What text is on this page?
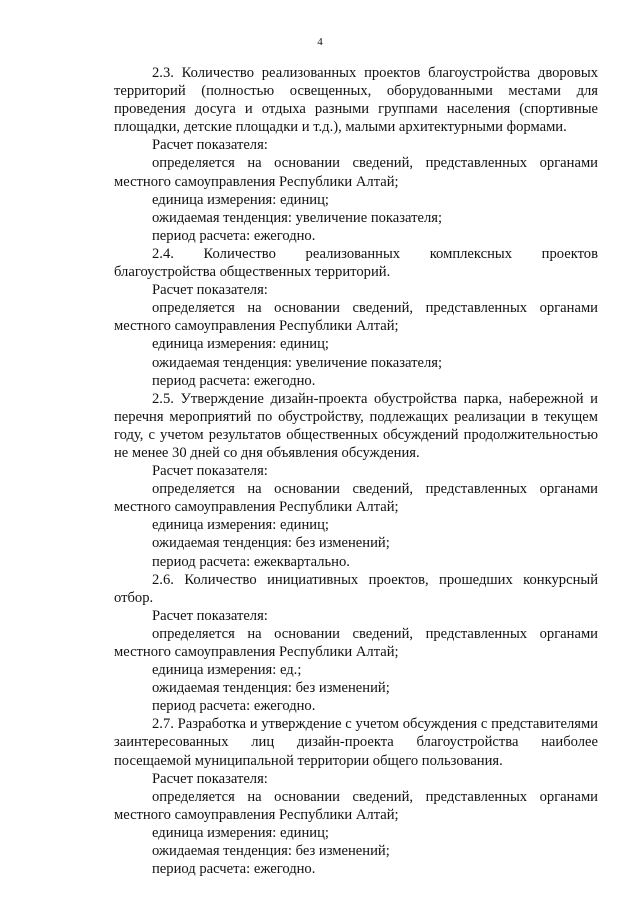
4

2.3. Количество реализованных проектов благоустройства дворовых территорий (полностью освещенных, оборудованными местами для проведения досуга и отдыха разными группами населения (спортивные площадки, детские площадки и т.д.), малыми архитектурными формами.

Расчет показателя:

определяется на основании сведений, представленных органами местного самоуправления Республики Алтай;

единица измерения: единиц;

ожидаемая тенденция: увеличение показателя;

период расчета: ежегодно.

2.4. Количество реализованных комплексных проектов благоустройства общественных территорий.

Расчет показателя:

определяется на основании сведений, представленных органами местного самоуправления Республики Алтай;

единица измерения: единиц;

ожидаемая тенденция: увеличение показателя;

период расчета: ежегодно.

2.5. Утверждение дизайн-проекта обустройства парка, набережной и перечня мероприятий по обустройству, подлежащих реализации в текущем году, с учетом результатов общественных обсуждений продолжительностью не менее 30 дней со дня объявления обсуждения.

Расчет показателя:

определяется на основании сведений, представленных органами местного самоуправления Республики Алтай;

единица измерения: единиц;

ожидаемая тенденция: без изменений;

период расчета: ежеквартально.

2.6. Количество инициативных проектов, прошедших конкурсный отбор.

Расчет показателя:

определяется на основании сведений, представленных органами местного самоуправления Республики Алтай;

единица измерения: ед.;

ожидаемая тенденция: без изменений;

период расчета: ежегодно.

2.7. Разработка и утверждение с учетом обсуждения с представителями заинтересованных лиц дизайн-проекта благоустройства наиболее посещаемой муниципальной территории общего пользования.

Расчет показателя:

определяется на основании сведений, представленных органами местного самоуправления Республики Алтай;

единица измерения: единиц;

ожидаемая тенденция: без изменений;

период расчета: ежегодно.
